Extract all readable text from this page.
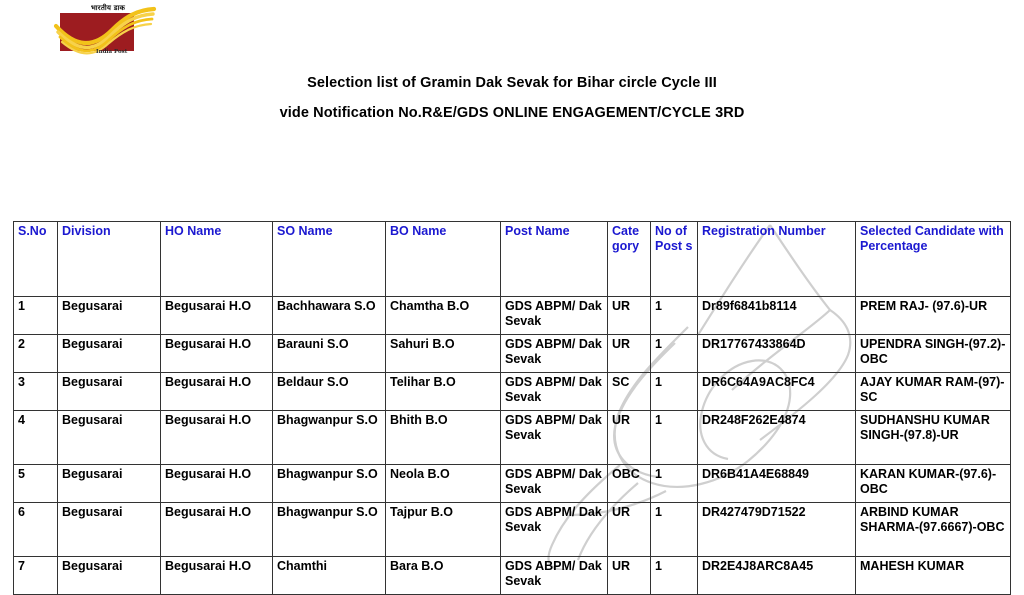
भारतीय डाक
India Post
Selection list of Gramin Dak Sevak for Bihar circle Cycle III
vide Notification No.R&E/GDS ONLINE ENGAGEMENT/CYCLE 3RD
S.No	Division	HO Name	SO Name	BO Name	Post Name	Cate gory	No of Post s	Registration Number	Selected Candidate with Percentage
1	Begusarai	Begusarai H.O	Bachhawara S.O	Chamtha B.O	GDS ABPM/ Dak Sevak	UR	1	Dr89f6841b8114	PREM RAJ- (97.6)-UR
2	Begusarai	Begusarai H.O	Barauni S.O	Sahuri B.O	GDS ABPM/ Dak Sevak	UR	1	DR17767433864D	UPENDRA SINGH-(97.2)-OBC
3	Begusarai	Begusarai H.O	Beldaur S.O	Telihar B.O	GDS ABPM/ Dak Sevak	SC	1	DR6C64A9AC8FC4	AJAY KUMAR RAM-(97)-SC
4	Begusarai	Begusarai H.O	Bhagwanpur S.O	Bhith B.O	GDS ABPM/ Dak Sevak	UR	1	DR248F262E4874	SUDHANSHU KUMAR SINGH-(97.8)-UR
5	Begusarai	Begusarai H.O	Bhagwanpur S.O	Neola B.O	GDS ABPM/ Dak Sevak	OBC	1	DR6B41A4E68849	KARAN KUMAR-(97.6)-OBC
6	Begusarai	Begusarai H.O	Bhagwanpur S.O	Tajpur B.O	GDS ABPM/ Dak Sevak	UR	1	DR427479D71522	ARBIND KUMAR SHARMA-(97.6667)-OBC
7	Begusarai	Begusarai H.O	Chamthi	Bara B.O	GDS ABPM/ Dak Sevak	UR	1	DR2E4J8ARC8A45	MAHESH KUMAR
